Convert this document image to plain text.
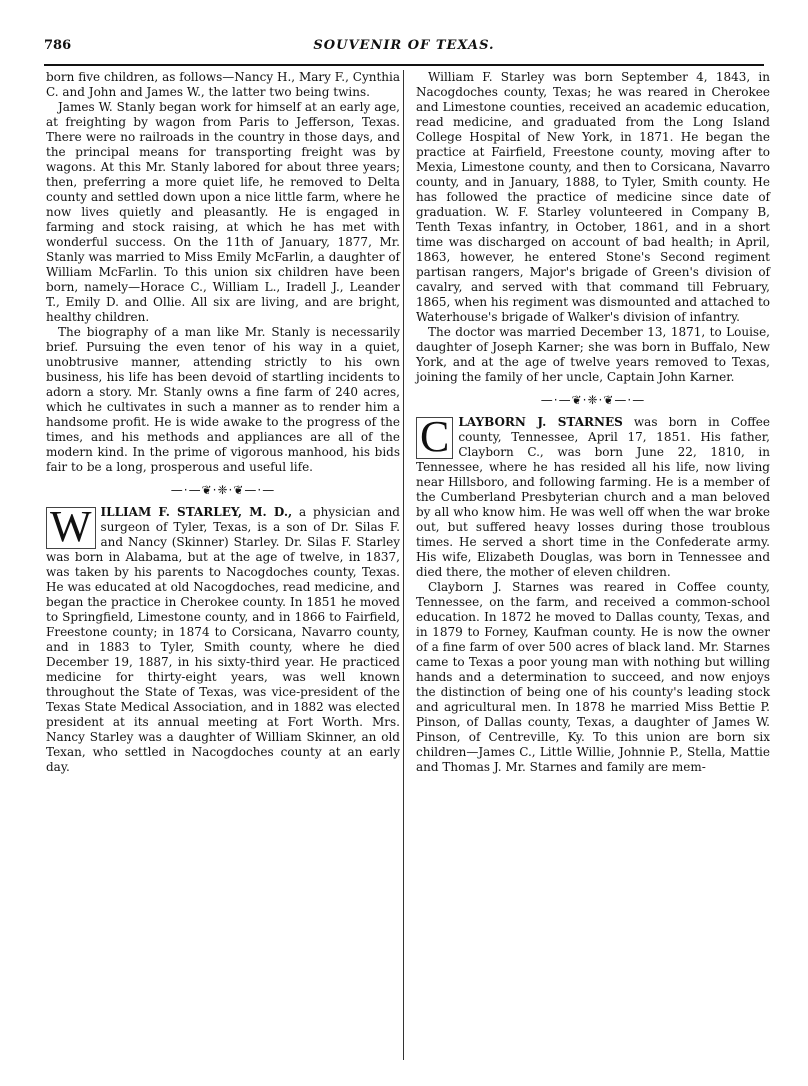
786	SOUVENIR OF TEXAS.

born five children, as follows—Nancy H., Mary F., Cynthia C. and John and James W., the latter two being twins.

James W. Stanly began work for himself at an early age, at freighting by wagon from Paris to Jefferson, Texas. There were no railroads in the country in those days, and the principal means for transporting freight was by wagons. At this Mr. Stanly labored for about three years; then, preferring a more quiet life, he removed to Delta county and settled down upon a nice little farm, where he now lives quietly and pleasantly. He is engaged in farming and stock raising, at which he has met with wonderful success. On the 11th of January, 1877, Mr. Stanly was married to Miss Emily McFarlin, a daughter of William McFarlin. To this union six children have been born, namely—Horace C., William L., Iradell J., Leander T., Emily D. and Ollie. All six are living, and are bright, healthy children.

The biography of a man like Mr. Stanly is necessarily brief. Pursuing the even tenor of his way in a quiet, unobtrusive manner, attending strictly to his own business, his life has been devoid of startling incidents to adorn a story. Mr. Stanly owns a fine farm of 240 acres, which he cultivates in such a manner as to render him a handsome profit. He is wide awake to the progress of the times, and his methods and appliances are all of the modern kind. In the prime of vigorous manhood, his bids fair to be a long, prosperous and useful life.

—·—❦·❈·❦—·—

W ILLIAM F. STARLEY, M. D., a physician and surgeon of Tyler, Texas, is a son of Dr. Silas F. and Nancy (Skinner) Starley. Dr. Silas F. Starley was born in Alabama, but at the age of twelve, in 1837, was taken by his parents to Nacogdoches county, Texas. He was educated at old Nacogdoches, read medicine, and began the practice in Cherokee county. In 1851 he moved to Springfield, Limestone county, and in 1866 to Fairfield, Freestone county; in 1874 to Corsicana, Navarro county, and in 1883 to Tyler, Smith county, where he died December 19, 1887, in his sixty-third year. He practiced medicine for thirty-eight years, was well known throughout the State of Texas, was vice-president of the Texas State Medical Association, and in 1882 was elected president at its annual meeting at Fort Worth. Mrs. Nancy Starley was a daughter of William Skinner, an old Texan, who settled in Nacogdoches county at an early day.

William F. Starley was born September 4, 1843, in Nacogdoches county, Texas; he was reared in Cherokee and Limestone counties, received an academic education, read medicine, and graduated from the Long Island College Hospital of New York, in 1871. He began the practice at Fairfield, Freestone county, moving after to Mexia, Limestone county, and then to Corsicana, Navarro county, and in January, 1888, to Tyler, Smith county. He has followed the practice of medicine since date of graduation. W. F. Starley volunteered in Company B, Tenth Texas infantry, in October, 1861, and in a short time was discharged on account of bad health; in April, 1863, however, he entered Stone's Second regiment partisan rangers, Major's brigade of Green's division of cavalry, and served with that command till February, 1865, when his regiment was dismounted and attached to Waterhouse's brigade of Walker's division of infantry.

The doctor was married December 13, 1871, to Louise, daughter of Joseph Karner; she was born in Buffalo, New York, and at the age of twelve years removed to Texas, joining the family of her uncle, Captain John Karner.

—·—❦·❈·❦—·—

C LAYBORN J. STARNES was born in Coffee county, Tennessee, April 17, 1851. His father, Clayborn C., was born June 22, 1810, in Tennessee, where he has resided all his life, now living near Hillsboro, and following farming. He is a member of the Cumberland Presbyterian church and a man beloved by all who know him. He was well off when the war broke out, but suffered heavy losses during those troublous times. He served a short time in the Confederate army. His wife, Elizabeth Douglas, was born in Tennessee and died there, the mother of eleven children.

Clayborn J. Starnes was reared in Coffee county, Tennessee, on the farm, and received a common-school education. In 1872 he moved to Dallas county, Texas, and in 1879 to Forney, Kaufman county. He is now the owner of a fine farm of over 500 acres of black land. Mr. Starnes came to Texas a poor young man with nothing but willing hands and a determination to succeed, and now enjoys the distinction of being one of his county's leading stock and agricultural men. In 1878 he married Miss Bettie P. Pinson, of Dallas county, Texas, a daughter of James W. Pinson, of Centreville, Ky. To this union are born six children—James C., Little Willie, Johnnie P., Stella, Mattie and Thomas J. Mr. Starnes and family are mem-
